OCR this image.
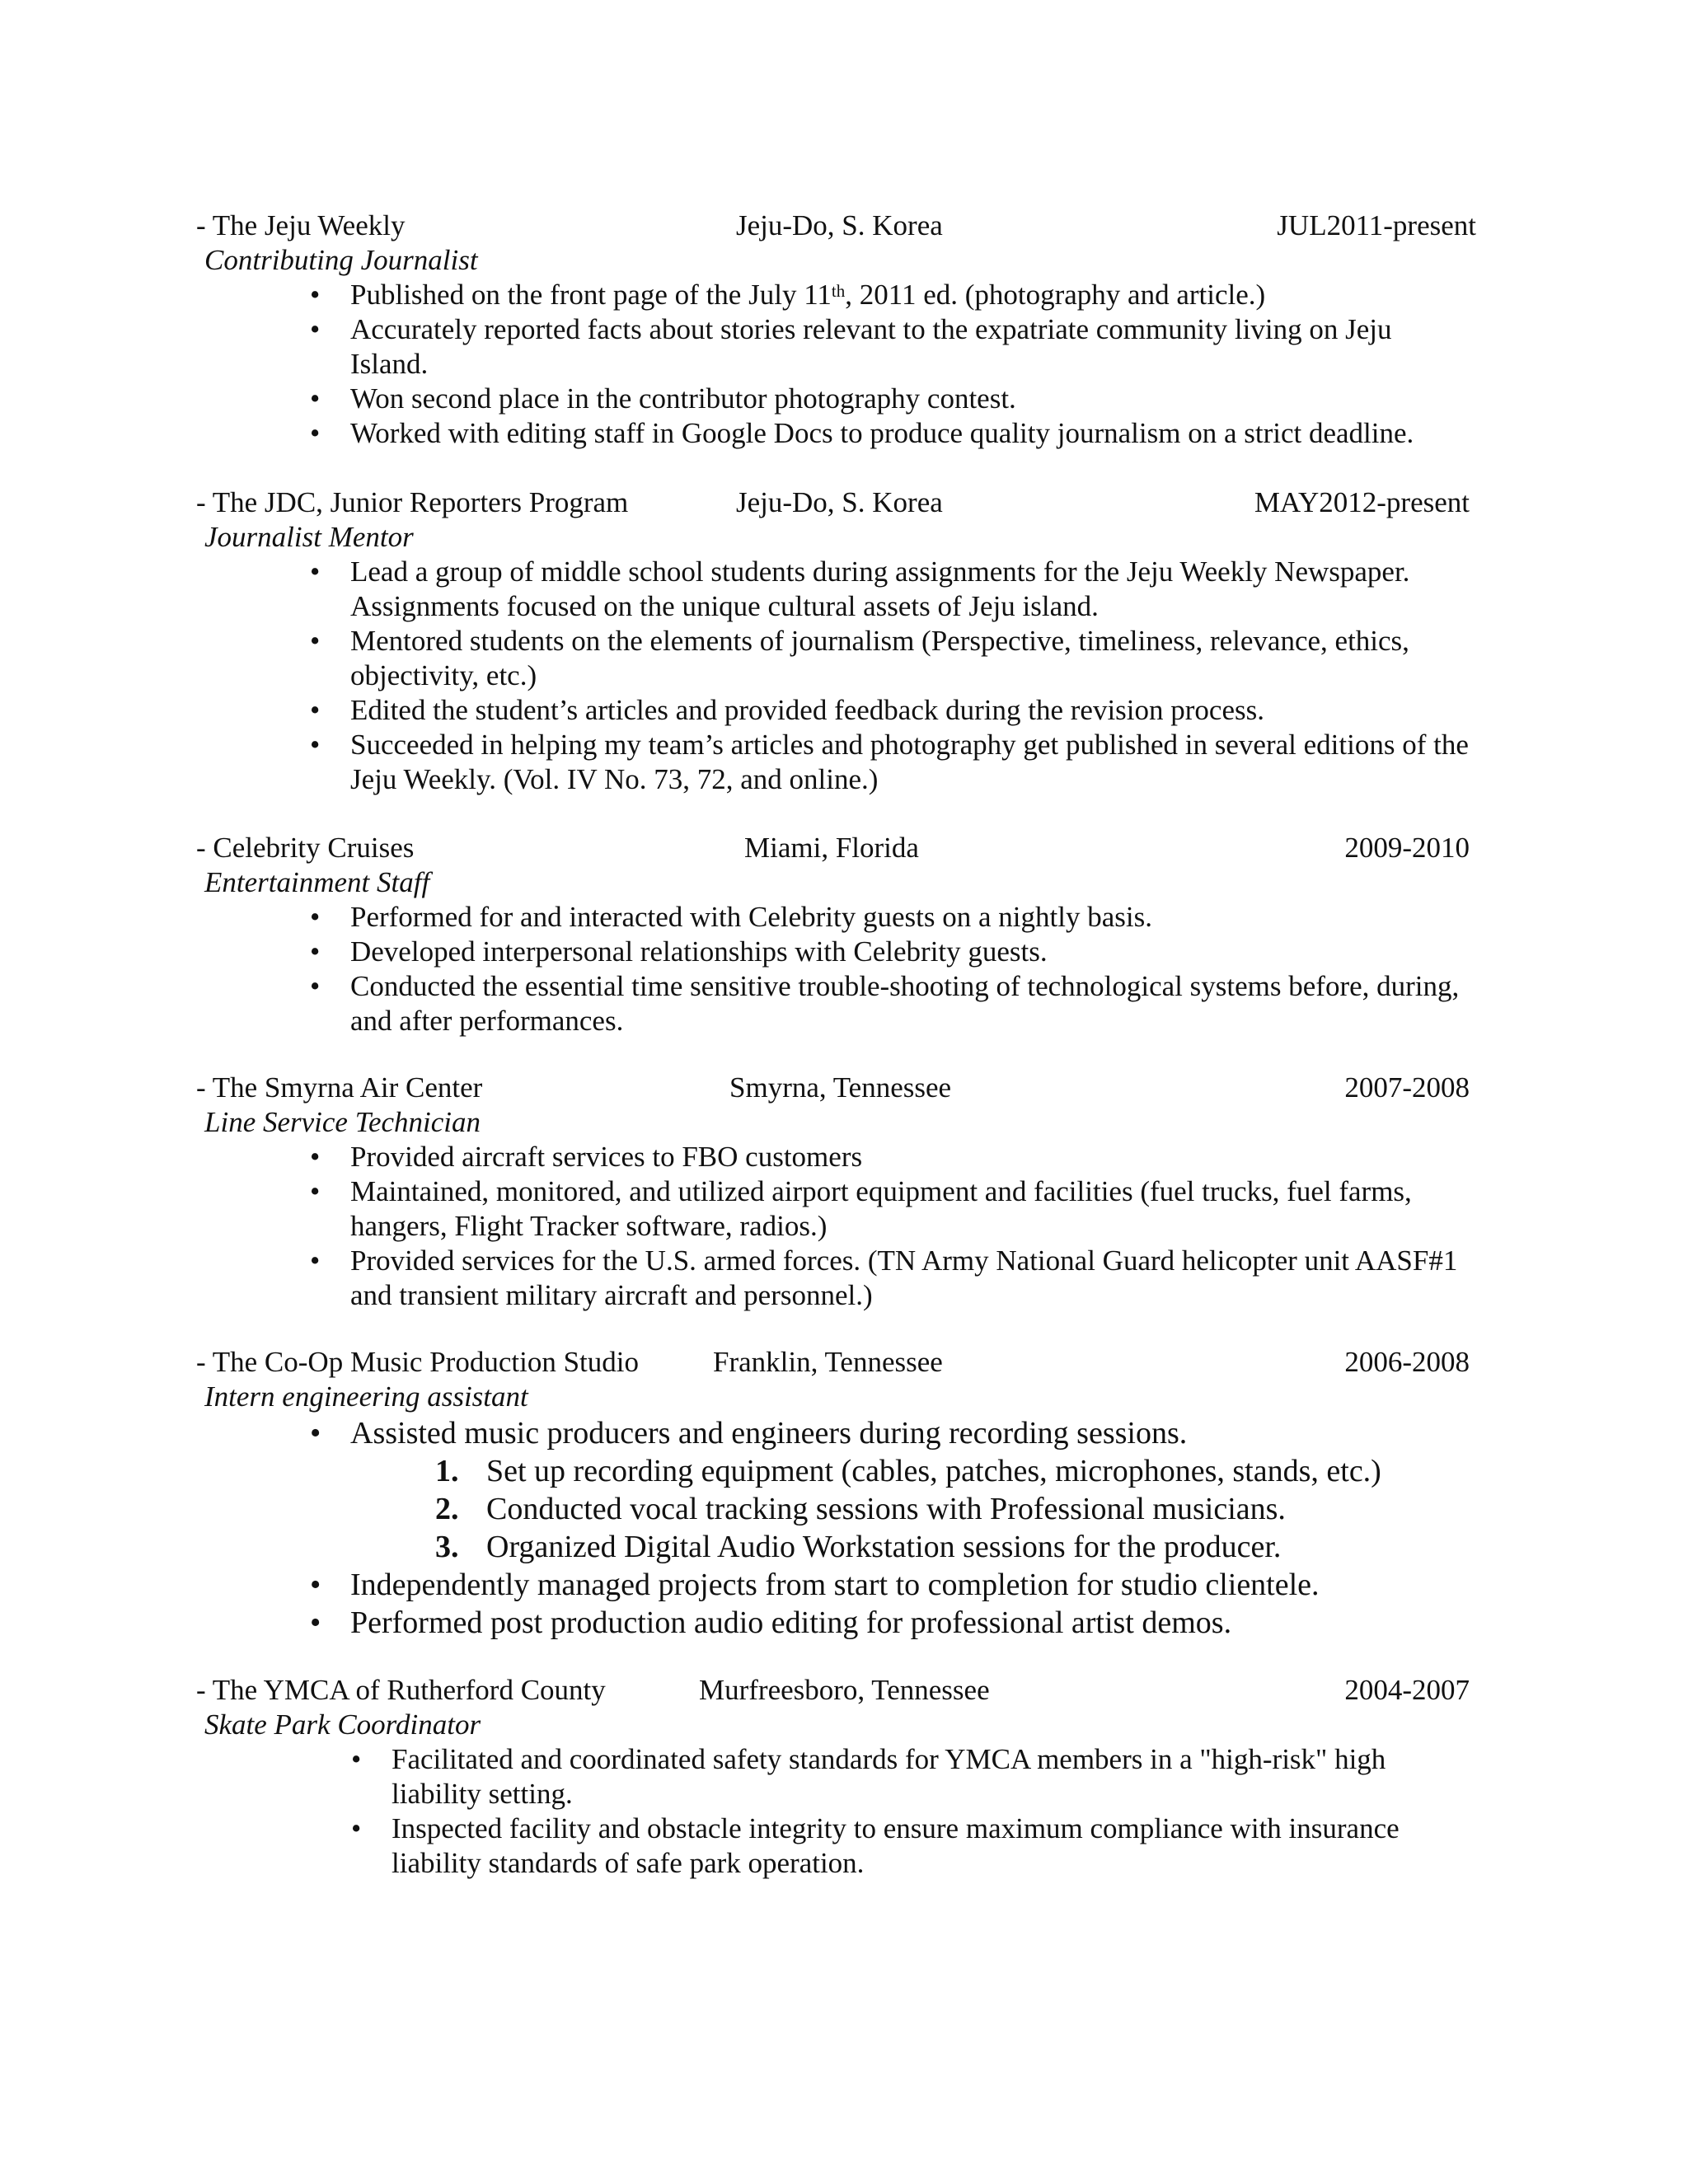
- The Jeju Weekly	Jeju-Do, S. Korea	JUL2011-present
Contributing Journalist
• Published on the front page of the July 11th, 2011 ed. (photography and article.)
• Accurately reported facts about stories relevant to the expatriate community living on Jeju Island.
• Won second place in the contributor photography contest.
• Worked with editing staff in Google Docs to produce quality journalism on a strict deadline.
- The JDC, Junior Reporters Program	Jeju-Do, S. Korea	MAY2012-present
Journalist Mentor
• Lead a group of middle school students during assignments for the Jeju Weekly Newspaper. Assignments focused on the unique cultural assets of Jeju island.
• Mentored students on the elements of journalism (Perspective, timeliness, relevance, ethics, objectivity, etc.)
• Edited the student’s articles and provided feedback during the revision process.
• Succeeded in helping my team’s articles and photography get published in several editions of the Jeju Weekly. (Vol. IV No. 73, 72, and online.)
- Celebrity Cruises	Miami, Florida	2009-2010
Entertainment Staff
• Performed for and interacted with Celebrity guests on a nightly basis.
• Developed interpersonal relationships with Celebrity guests.
• Conducted the essential time sensitive trouble-shooting of technological systems before, during, and after performances.
- The Smyrna Air Center	Smyrna, Tennessee	2007-2008
Line Service Technician
• Provided aircraft services to FBO customers
• Maintained, monitored, and utilized airport equipment and facilities (fuel trucks, fuel farms, hangers, Flight Tracker software, radios.)
• Provided services for the U.S. armed forces. (TN Army National Guard helicopter unit AASF#1 and transient military aircraft and personnel.)
- The Co-Op Music Production Studio	Franklin, Tennessee	2006-2008
Intern engineering assistant
• Assisted music producers and engineers during recording sessions.
1. Set up recording equipment (cables, patches, microphones, stands, etc.)
2. Conducted vocal tracking sessions with Professional musicians.
3. Organized Digital Audio Workstation sessions for the producer.
• Independently managed projects from start to completion for studio clientele.
• Performed post production audio editing for professional artist demos.
- The YMCA of Rutherford County	Murfreesboro, Tennessee	2004-2007
Skate Park Coordinator
• Facilitated and coordinated safety standards for YMCA members in a "high-risk" high liability setting.
• Inspected facility and obstacle integrity to ensure maximum compliance with insurance liability standards of safe park operation.
